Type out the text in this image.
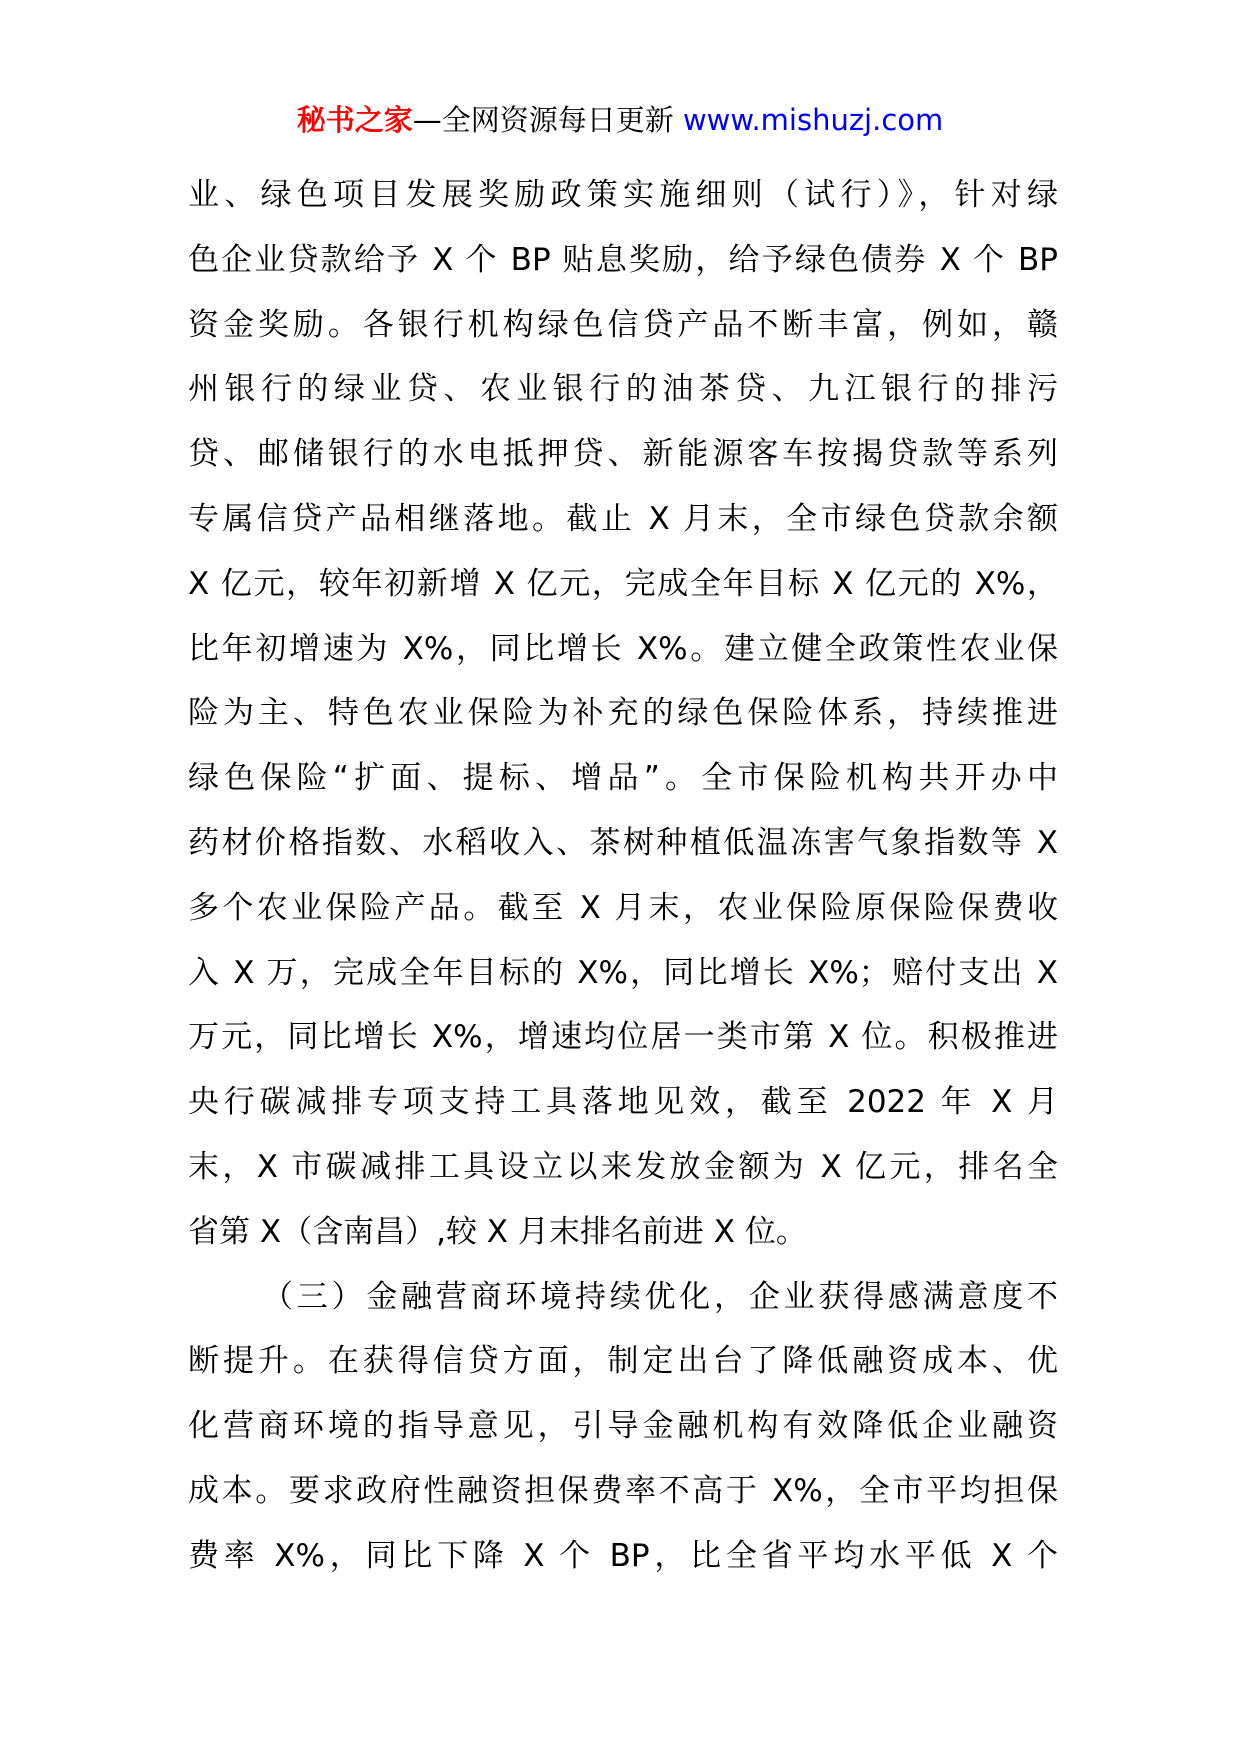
秘书之家—全网资源每日更新 www.mishuzj.com
业、绿色项目发展奖励政策实施细则（试行）》，针对绿
色企业贷款给予 X 个 BP 贴息奖励，给予绿色债券 X 个 BP
资金奖励。各银行机构绿色信贷产品不断丰富，例如，赣
州银行的绿业贷、农业银行的油茶贷、九江银行的排污
贷、邮储银行的水电抵押贷、新能源客车按揭贷款等系列
专属信贷产品相继落地。截止 X 月末，全市绿色贷款余额
X 亿元，较年初新增 X 亿元，完成全年目标 X 亿元的 X%，
比年初增速为 X%，同比增长 X%。建立健全政策性农业保
险为主、特色农业保险为补充的绿色保险体系，持续推进
绿色保险“扩面、提标、增品”。全市保险机构共开办中
药材价格指数、水稻收入、茶树种植低温冻害气象指数等 X
多个农业保险产品。截至 X 月末，农业保险原保险保费收
入 X 万，完成全年目标的 X%，同比增长 X%；赔付支出 X
万元，同比增长 X%，增速均位居一类市第 X 位。积极推进
央行碳减排专项支持工具落地见效，截至 2022 年 X 月
末，X 市碳减排工具设立以来发放金额为 X 亿元，排名全
省第 X（含南昌）,较 X 月末排名前进 X 位。
（三）金融营商环境持续优化，企业获得感满意度不
断提升。在获得信贷方面，制定出台了降低融资成本、优
化营商环境的指导意见，引导金融机构有效降低企业融资
成本。要求政府性融资担保费率不高于 X%，全市平均担保
费率 X%，同比下降 X 个 BP，比全省平均水平低 X 个
